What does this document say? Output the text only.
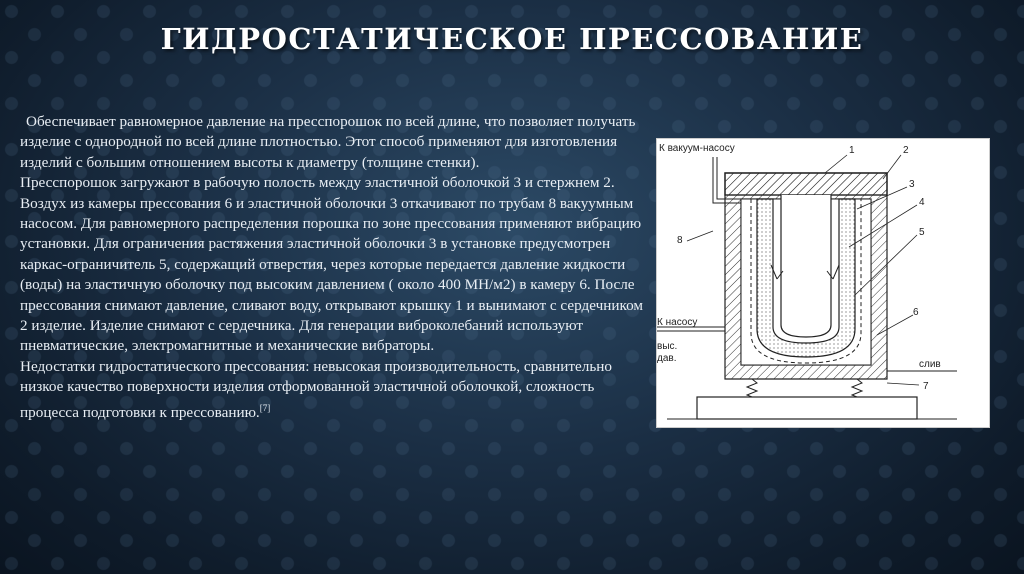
ГИДРОСТАТИЧЕСКОЕ ПРЕССОВАНИЕ

Обеспечивает равномерное давление на пресспорошок по всей длине, что позволяет получать изделие с однородной по всей длине плотностью. Этот способ применяют для изготовления изделий с большим отношением высоты к диаметру (толщине стенки).

Пресспорошок загружают в рабочую полость между эластичной оболочкой 3 и стержнем 2. Воздух из камеры прессования 6 и эластичной оболочки 3 откачивают по трубам 8 вакуумным насосом. Для равномерного распределения порошка по зоне прессования применяют вибрацию установки. Для ограничения растяжения эластичной оболочки 3 в установке предусмотрен каркас-ограничитель 5, содержащий отверстия, через которые передается давление жидкости (воды) на эластичную оболочку под высоким давлением ( около 400 МН/м2) в камеру 6. После прессования снимают давление, сливают воду, открывают крышку 1 и вынимают с сердечником 2 изделие. Изделие снимают с сердечника. Для генерации виброколебаний используют пневматические, электромагнитные и механические вибраторы.

Недостатки гидростатического прессования: невысокая производительность, сравнительно низкое качество поверхности изделия отформованной эластичной оболочкой, сложность процесса подготовки к прессованию.[7]

К вакуум-насосу
К насосу
выс.
дав.
слив
1	2
3
4
5
6
7
8
